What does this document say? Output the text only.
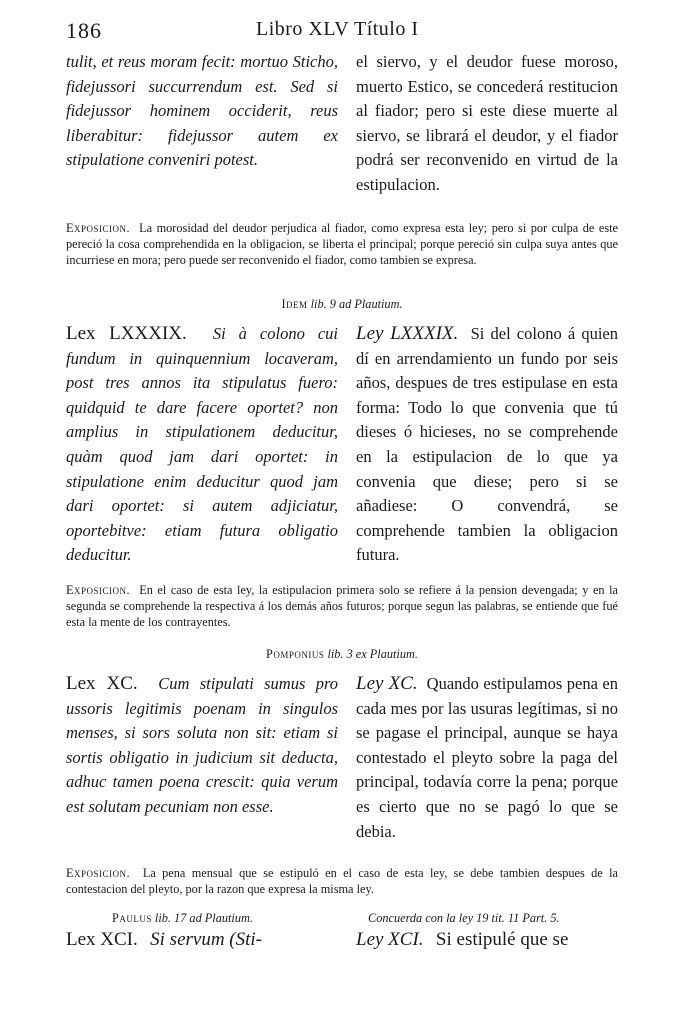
186	Libro XLV Título I

tulit, et reus moram fecit: mortuo Sticho, fidejussori succurrendum est. Sed si fidejussor hominem occiderit, reus liberabitur: fidejussor autem ex stipulatione conveniri potest.

el siervo, y el deudor fuese moroso, muerto Estico, se concederá restitucion al fiador; pero si este diese muerte al siervo, se librará el deudor, y el fiador podrá ser reconvenido en virtud de la estipulacion.

Exposicion. La morosidad del deudor perjudica al fiador, como expresa esta ley; pero si por culpa de este pereció la cosa comprehendida en la obligacion, se liberta el principal; porque pereció sin culpa suya antes que incurriese en mora; pero puede ser reconvenido el fiador, como tambien se expresa.

Idem lib. 9 ad Plautium.

Lex LXXXIX. Si à colono cui fundum in quinquennium locaveram, post tres annos ita stipulatus fuero: quidquid te dare facere oportet? non amplius in stipulationem deducitur, quàm quod jam dari oportet: in stipulatione enim deducitur quod jam dari oportet: si autem adjiciatur, oportebitve: etiam futura obligatio deducitur.

Ley LXXXIX. Si del colono á quien dí en arrendamiento un fundo por seis años, despues de tres estipulase en esta forma: Todo lo que convenia que tú dieses ó hicieses, no se comprehende en la estipulacion de lo que ya convenia que diese; pero si se añadiese: O convendrá, se comprehende tambien la obligacion futura.

Exposicion. En el caso de esta ley, la estipulacion primera solo se refiere á la pension devengada; y en la segunda se comprehende la respectiva á los demás años futuros; porque segun las palabras, se entiende que fué esta la mente de los contrayentes.

Pomponius lib. 3 ex Plautium.

Lex XC. Cum stipulati sumus pro ussoris legitimis poenam in singulos menses, si sors soluta non sit: etiam si sortis obligatio in judicium sit deducta, adhuc tamen poena crescit: quia verum est solutam pecuniam non esse.

Ley XC. Quando estipulamos pena en cada mes por las usuras legítimas, si no se pagase el principal, aunque se haya contestado el pleyto sobre la paga del principal, todavía corre la pena; porque es cierto que no se pagó lo que se debia.

Exposicion. La pena mensual que se estipuló en el caso de esta ley, se debe tambien despues de la contestacion del pleyto, por la razon que expresa la misma ley.

Paulus lib. 17 ad Plautium.	Concuerda con la ley 19 tit. 11 Part. 5.

Lex XCI. Si servum (Sti-	Ley XCI. Si estipulé que se
